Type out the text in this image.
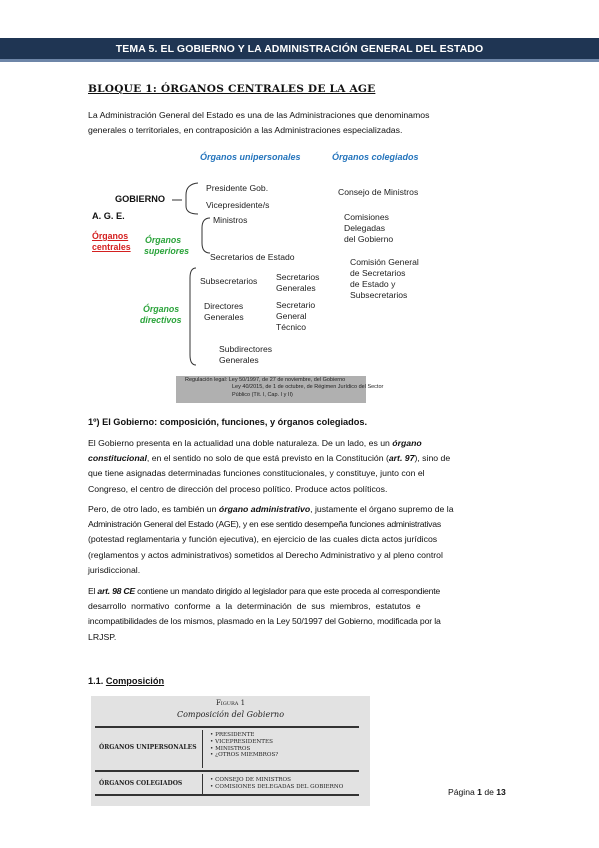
TEMA 5. EL GOBIERNO Y LA ADMINISTRACIÓN GENERAL DEL ESTADO
BLOQUE 1: ÓRGANOS CENTRALES DE LA AGE
La Administración General del Estado es una de las Administraciones que denominamos
generales o territoriales, en contraposición a las Administraciones especializadas.
Órganos unipersonales	Órganos colegiados
GOBIERNO
A. G. E.
Órganos
centrales
Órganos
superiores
Órganos
directivos
Presidente Gob.
Vicepresidente/s
Ministros
Secretarios de Estado
Subsecretarios Secretarios
Generales
Directores
Generales
Secretario
General
Técnico
Subdirectores
Generales
Consejo de Ministros
Comisiones
Delegadas
del Gobierno
Comisión General
de Secretarios
de Estado y
Subsecretarios
Regulación legal: Ley 50/1997, de 27 de noviembre, del Gobierno
Ley 40/2015, de 1 de octubre, de Régimen Jurídico del Sector
Público (Tít. I, Cap. I y II)
1º) El Gobierno: composición, funciones, y órganos colegiados.
El Gobierno presenta en la actualidad una doble naturaleza. De un lado, es un órgano
constitucional, en el sentido no solo de que está previsto en la Constitución (art. 97), sino de
que tiene asignadas determinadas funciones constitucionales, y constituye, junto con el
Congreso, el centro de dirección del proceso político. Produce actos políticos.
Pero, de otro lado, es también un órgano administrativo, justamente el órgano supremo de la
Administración General del Estado (AGE), y en ese sentido desempeña funciones administrativas
(potestad reglamentaria y función ejecutiva), en ejercicio de las cuales dicta actos jurídicos
(reglamentos y actos administrativos) sometidos al Derecho Administrativo y al pleno control
jurisdiccional.
El art. 98 CE contiene un mandato dirigido al legislador para que este proceda al correspondiente
desarrollo normativo conforme a la determinación de sus miembros, estatutos e
incompatibilidades de los mismos, plasmado en la Ley 50/1997 del Gobierno, modificada por la
LRJSP.
1.1. Composición
Figura 1
Composición del Gobierno
ÓRGANOS UNIPERSONALES
• PRESIDENTE
• VICEPRESIDENTES
• MINISTROS
• ¿OTROS MIEMBROS?
ÓRGANOS COLEGIADOS	• CONSEJO DE MINISTROS
• COMISIONES DELEGADAS DEL GOBIERNO
Página 1 de 13
